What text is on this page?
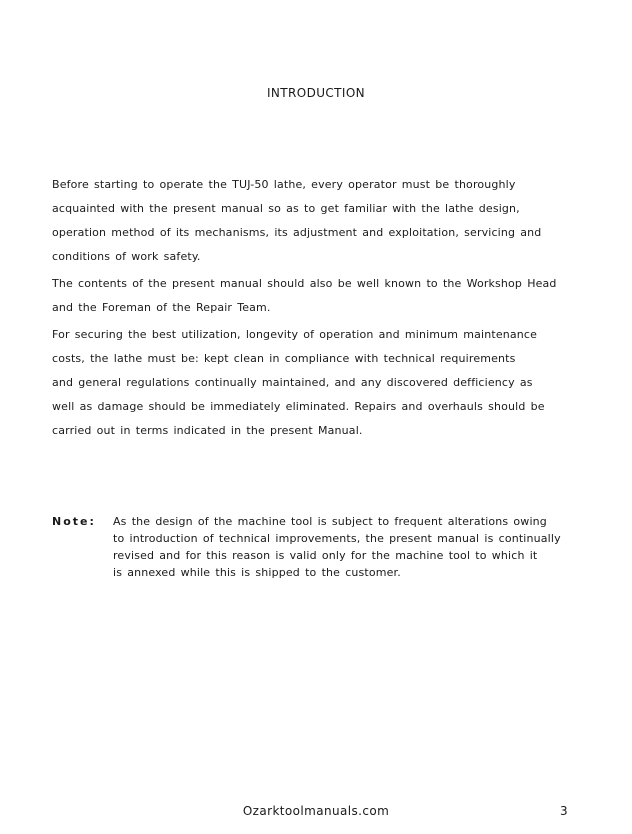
INTRODUCTION
Before starting to operate the TUJ-50 lathe, every operator must be thoroughly
acquainted with the present manual so as to get familiar with the lathe design,
operation method of its mechanisms, its adjustment and exploitation, servicing and
conditions of work safety.
The contents of the present manual should also be well known to the Workshop Head
and the Foreman of the Repair Team.
For securing the best utilization, longevity of operation and minimum maintenance
costs, the lathe must be: kept clean in compliance with technical requirements
and general regulations continually maintained, and any discovered defficiency as
well as damage should be immediately eliminated. Repairs and overhauls should be
carried out in terms indicated in the present Manual.
Note: As the design of the machine tool is subject to frequent alterations owing
to introduction of technical improvements, the present manual is continually
revised and for this reason is valid only for the machine tool to which it
is annexed while this is shipped to the customer.
Ozarktoolmanuals.com	3
